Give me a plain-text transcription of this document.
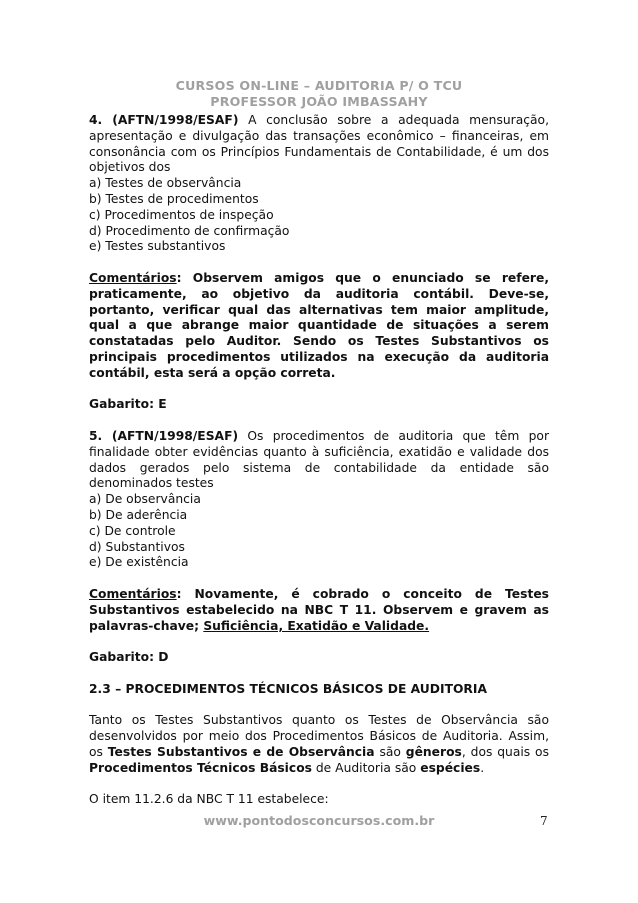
CURSOS ON-LINE – AUDITORIA P/ O TCU
PROFESSOR JOÃO IMBASSAHY

4. (AFTN/1998/ESAF) A conclusão sobre a adequada mensuração, apresentação e divulgação das transações econômico – financeiras, em consonância com os Princípios Fundamentais de Contabilidade, é um dos objetivos dos

a) Testes de observância
b) Testes de procedimentos
c) Procedimentos de inspeção
d) Procedimento de confirmação
e) Testes substantivos

Comentários: Observem amigos que o enunciado se refere, praticamente, ao objetivo da auditoria contábil. Deve-se, portanto, verificar qual das alternativas tem maior amplitude, qual a que abrange maior quantidade de situações a serem constatadas pelo Auditor. Sendo os Testes Substantivos os principais procedimentos utilizados na execução da auditoria contábil, esta será a opção correta.

Gabarito: E

5. (AFTN/1998/ESAF) Os procedimentos de auditoria que têm por finalidade obter evidências quanto à suficiência, exatidão e validade dos dados gerados pelo sistema de contabilidade da entidade são denominados testes

a) De observância
b) De aderência
c) De controle
d) Substantivos
e) De existência

Comentários: Novamente, é cobrado o conceito de Testes Substantivos estabelecido na NBC T 11. Observem e gravem as palavras-chave; Suficiência, Exatidão e Validade.

Gabarito: D

2.3 – PROCEDIMENTOS TÉCNICOS BÁSICOS DE AUDITORIA

Tanto os Testes Substantivos quanto os Testes de Observância são desenvolvidos por meio dos Procedimentos Básicos de Auditoria. Assim, os Testes Substantivos e de Observância são gêneros, dos quais os Procedimentos Técnicos Básicos de Auditoria são espécies.

O item 11.2.6 da NBC T 11 estabelece:

www.pontodosconcursos.com.br	7
